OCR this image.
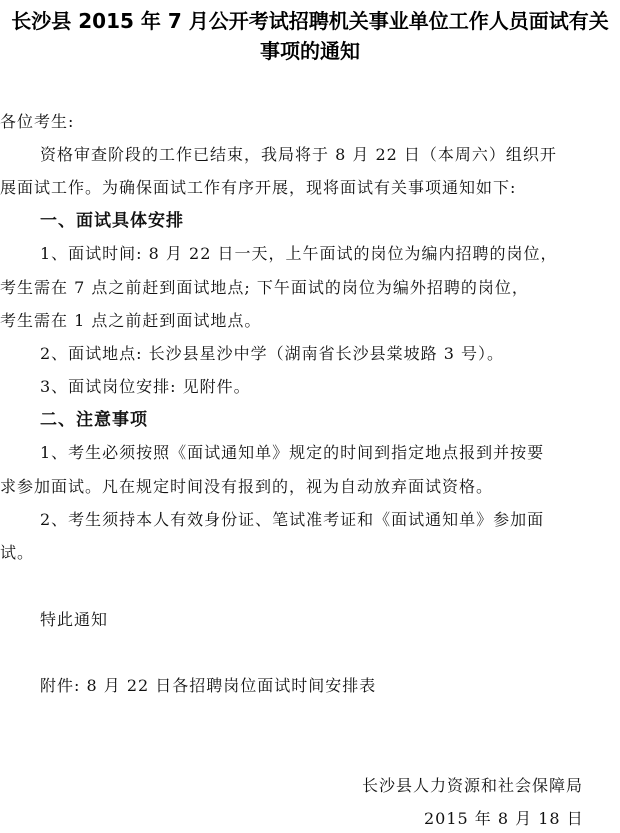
长沙县 2015 年 7 月公开考试招聘机关事业单位工作人员面试有关
事项的通知
各位考生:
资格审查阶段的工作已结束，我局将于 8 月 22 日（本周六）组织开
展面试工作。为确保面试工作有序开展，现将面试有关事项通知如下:
一、面试具体安排
1、面试时间: 8 月 22 日一天，上午面试的岗位为编内招聘的岗位，
考生需在 7 点之前赶到面试地点; 下午面试的岗位为编外招聘的岗位，
考生需在 1 点之前赶到面试地点。
2、面试地点: 长沙县星沙中学（湖南省长沙县棠坡路 3 号）。
3、面试岗位安排: 见附件。
二、注意事项
1、考生必须按照《面试通知单》规定的时间到指定地点报到并按要
求参加面试。凡在规定时间没有报到的，视为自动放弃面试资格。
2、考生须持本人有效身份证、笔试准考证和《面试通知单》参加面
试。
特此通知
附件: 8 月 22 日各招聘岗位面试时间安排表
长沙县人力资源和社会保障局
2015 年 8 月 18 日
